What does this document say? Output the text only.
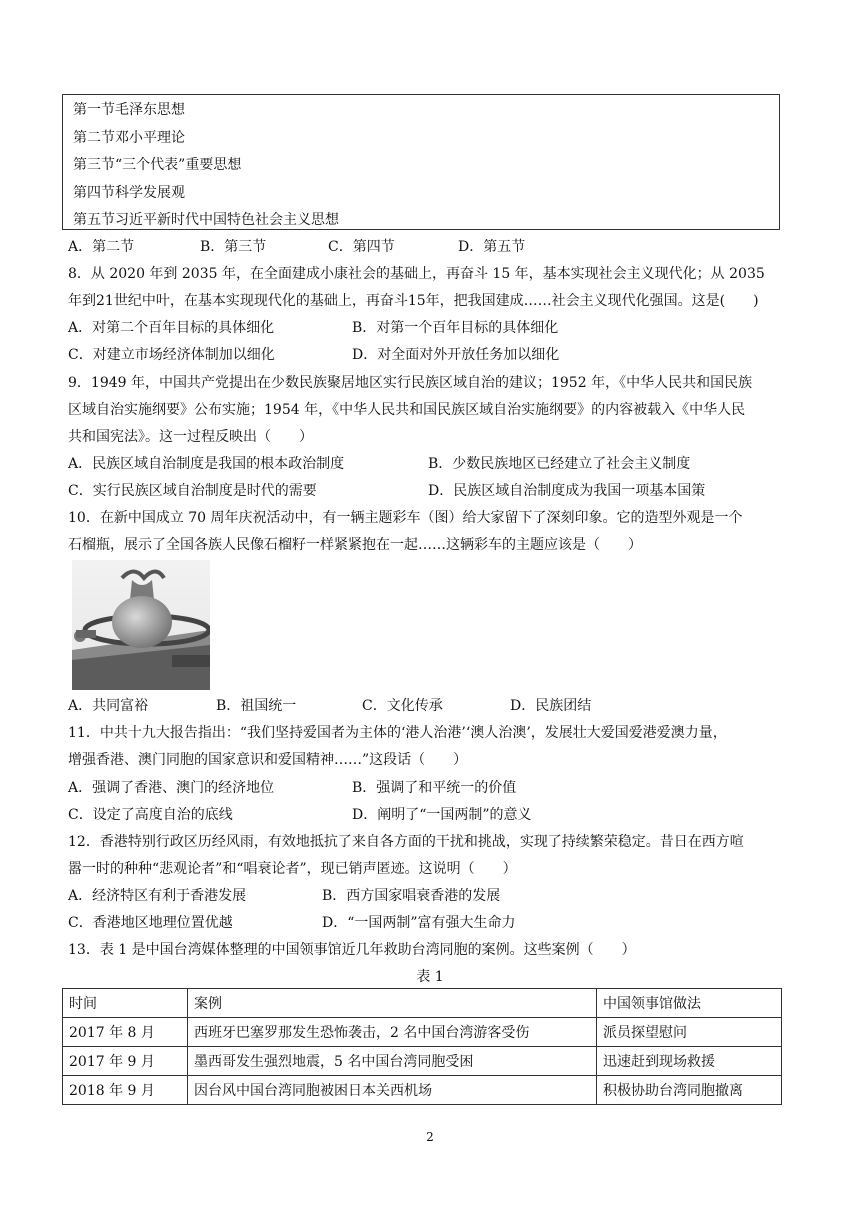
第一节毛泽东思想
第二节邓小平理论
第三节“三个代表”重要思想
第四节科学发展观
第五节习近平新时代中国特色社会主义思想
A．第二节	B．第三节	C．第四节	D．第五节
8．从 2020 年到 2035 年，在全面建成小康社会的基础上，再奋斗 15 年，基本实现社会主义现代化；从 2035
年到21世纪中叶，在基本实现现代化的基础上，再奋斗15年，把我国建成……社会主义现代化强国。这是(　　)
A．对第二个百年目标的具体细化	B．对第一个百年目标的具体细化
C．对建立市场经济体制加以细化	D．对全面对外开放任务加以细化
9．1949 年，中国共产党提出在少数民族聚居地区实行民族区域自治的建议；1952 年，《中华人民共和国民族
区域自治实施纲要》公布实施；1954 年，《中华人民共和国民族区域自治实施纲要》的内容被载入《中华人民
共和国宪法》。这一过程反映出（　　）
A．民族区域自治制度是我国的根本政治制度	B．少数民族地区已经建立了社会主义制度
C．实行民族区域自治制度是时代的需要	D．民族区域自治制度成为我国一项基本国策
10．在新中国成立 70 周年庆祝活动中，有一辆主题彩车（图）给大家留下了深刻印象。它的造型外观是一个
石榴瓶，展示了全国各族人民像石榴籽一样紧紧抱在一起……这辆彩车的主题应该是（　　）
A．共同富裕	B．祖国统一	C．文化传承	D．民族团结
11．中共十九大报告指出：“我们坚持爱国者为主体的‘港人治港’‘澳人治澳’，发展壮大爱国爱港爱澳力量，
增强香港、澳门同胞的国家意识和爱国精神……”这段话（　　）
A．强调了香港、澳门的经济地位	B．强调了和平统一的价值
C．设定了高度自治的底线	D．阐明了“一国两制”的意义
12．香港特别行政区历经风雨，有效地抵抗了来自各方面的干扰和挑战，实现了持续繁荣稳定。昔日在西方喧
嚣一时的种种“悲观论者”和“唱衰论者”，现已销声匿迹。这说明（　　）
A．经济特区有利于香港发展	B．西方国家唱衰香港的发展
C．香港地区地理位置优越	D．“一国两制”富有强大生命力
13．表 1 是中国台湾媒体整理的中国领事馆近几年救助台湾同胞的案例。这些案例（　　）
表 1
时间	案例	中国领事馆做法
2017 年 8 月	西班牙巴塞罗那发生恐怖袭击，2 名中国台湾游客受伤	派员探望慰问
2017 年 9 月	墨西哥发生强烈地震，5 名中国台湾同胞受困	迅速赶到现场救援
2018 年 9 月	因台风中国台湾同胞被困日本关西机场	积极协助台湾同胞撤离
2
